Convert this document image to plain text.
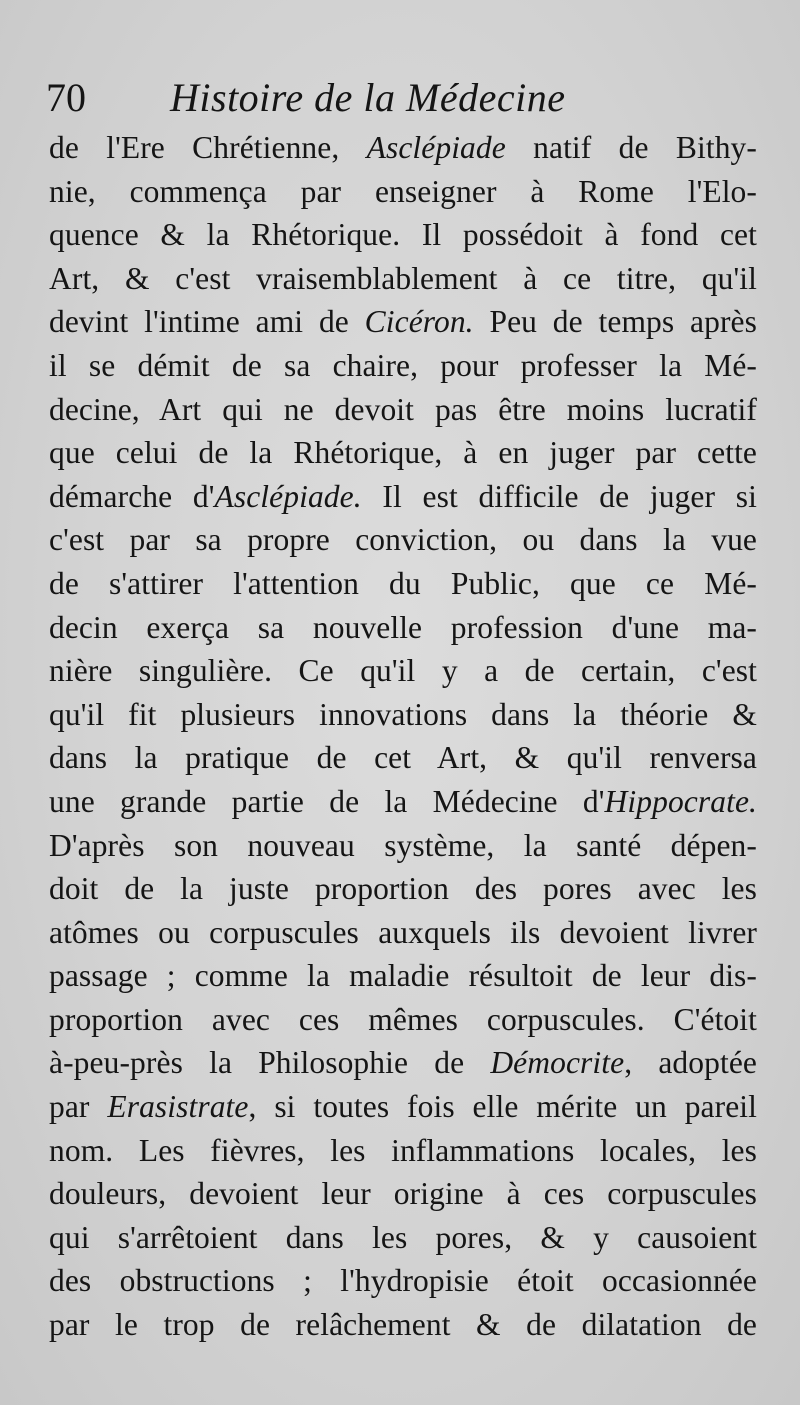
70 Histoire de la Médecine
de l'Ere Chrétienne, Asclépiade natif de Bithy-
nie, commença par enseigner à Rome l'Elo-
quence & la Rhétorique. Il possédoit à fond cet
Art, & c'est vraisemblablement à ce titre, qu'il
devint l'intime ami de Cicéron. Peu de temps après
il se démit de sa chaire, pour professer la Mé-
decine, Art qui ne devoit pas être moins lucratif
que celui de la Rhétorique, à en juger par cette
démarche d'Asclépiade. Il est difficile de juger si
c'est par sa propre conviction, ou dans la vue
de s'attirer l'attention du Public, que ce Mé-
decin exerça sa nouvelle profession d'une ma-
nière singulière. Ce qu'il y a de certain, c'est
qu'il fit plusieurs innovations dans la théorie &
dans la pratique de cet Art, & qu'il renversa
une grande partie de la Médecine d'Hippocrate.
D'après son nouveau système, la santé dépen-
doit de la juste proportion des pores avec les
atômes ou corpuscules auxquels ils devoient livrer
passage ; comme la maladie résultoit de leur dis-
proportion avec ces mêmes corpuscules. C'étoit
à-peu-près la Philosophie de Démocrite, adoptée
par Erasistrate, si toutes fois elle mérite un pareil
nom. Les fièvres, les inflammations locales, les
douleurs, devoient leur origine à ces corpuscules
qui s'arrêtoient dans les pores, & y causoient
des obstructions ; l'hydropisie étoit occasionnée
par le trop de relâchement & de dilatation de
